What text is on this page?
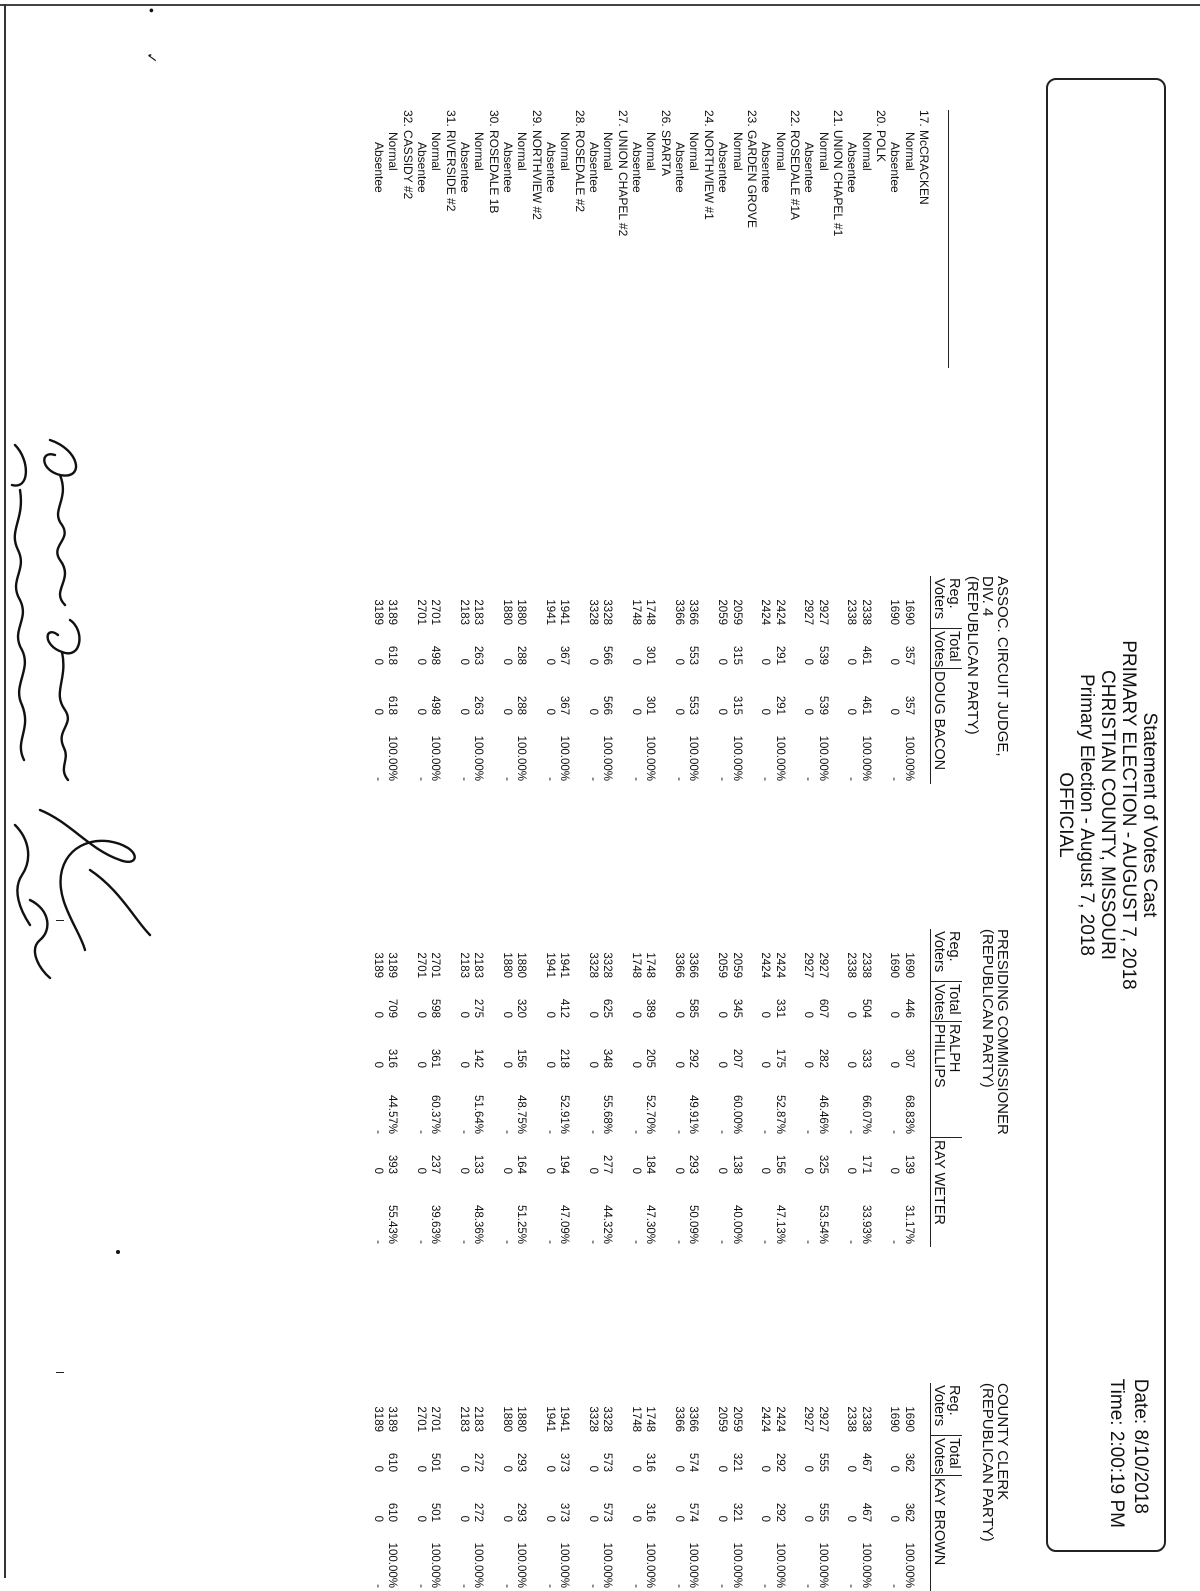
•
✓
Statement of Votes Cast
PRIMARY ELECTION - AUGUST 7, 2018
CHRISTIAN COUNTY, MISSOURI
Primary Election - August 7, 2018
OFFICIAL
Date: 8/10/2018
Time: 2:00:19 PM
17. McCRACKEN
Normal
Absentee
20. POLK
Normal
Absentee
21. UNION CHAPEL #1
Normal
Absentee
22. ROSEDALE #1A
Normal
Absentee
23. GARDEN GROVE
Normal
Absentee
24. NORTHVIEW #1
Normal
Absentee
26. SPARTA
Normal
Absentee
27. UNION CHAPEL #2
Normal
Absentee
28. ROSEDALE #2
Normal
Absentee
29. NORTHVIEW #2
Normal
Absentee
30. ROSEDALE 1B
Normal
Absentee
31. RIVERSIDE #2
Normal
Absentee
32. CASSIDY #2
Normal
Absentee
ASSOC. CIRCUIT JUDGE,
DIV. 4
(REPUBLICAN PARTY)
Reg.
Voters
Total
Votes
DOUG BACON
1690
357
357
100.00%
1690
0
0
-
2338
461
461
100.00%
2338
0
0
-
2927
539
539
100.00%
2927
0
0
-
2424
291
291
100.00%
2424
0
0
-
2059
315
315
100.00%
2059
0
0
-
3366
553
553
100.00%
3366
0
0
-
1748
301
301
100.00%
1748
0
0
-
3328
566
566
100.00%
3328
0
0
-
1941
367
367
100.00%
1941
0
0
-
1880
288
288
100.00%
1880
0
0
-
2183
263
263
100.00%
2183
0
0
-
2701
498
498
100.00%
2701
0
0
-
3189
618
618
100.00%
3189
0
0
-
PRESIDING COMMISSIONER
(REPUBLICAN PARTY)
Reg.
Voters
Total
Votes
RALPH
PHILLIPS
RAY WETER
1690
446
307
68.83%
139
31.17%
1690
0
0
-
0
-
2338
504
333
66.07%
171
33.93%
2338
0
0
-
0
-
2927
607
282
46.46%
325
53.54%
2927
0
0
-
0
-
2424
331
175
52.87%
156
47.13%
2424
0
0
-
0
-
2059
345
207
60.00%
138
40.00%
2059
0
0
-
0
-
3366
585
292
49.91%
293
50.09%
3366
0
0
-
0
-
1748
389
205
52.70%
184
47.30%
1748
0
0
-
0
-
3328
625
348
55.68%
277
44.32%
3328
0
0
-
0
-
1941
412
218
52.91%
194
47.09%
1941
0
0
-
0
-
1880
320
156
48.75%
164
51.25%
1880
0
0
-
0
-
2183
275
142
51.64%
133
48.36%
2183
0
0
-
0
-
2701
598
361
60.37%
237
39.63%
2701
0
0
-
0
-
3189
709
316
44.57%
393
55.43%
3189
0
0
-
0
-
COUNTY CLERK
(REPUBLICAN PARTY)
Reg.
Voters
Total
Votes
KAY BROWN
1690
362
362
100.00%
1690
0
0
-
2338
467
467
100.00%
2338
0
0
-
2927
555
555
100.00%
2927
0
0
-
2424
292
292
100.00%
2424
0
0
-
2059
321
321
100.00%
2059
0
0
-
3366
574
574
100.00%
3366
0
0
-
1748
316
316
100.00%
1748
0
0
-
3328
573
573
100.00%
3328
0
0
-
1941
373
373
100.00%
1941
0
0
-
1880
293
293
100.00%
1880
0
0
-
2183
272
272
100.00%
2183
0
0
-
2701
501
501
100.00%
2701
0
0
-
3189
610
610
100.00%
3189
0
0
-
